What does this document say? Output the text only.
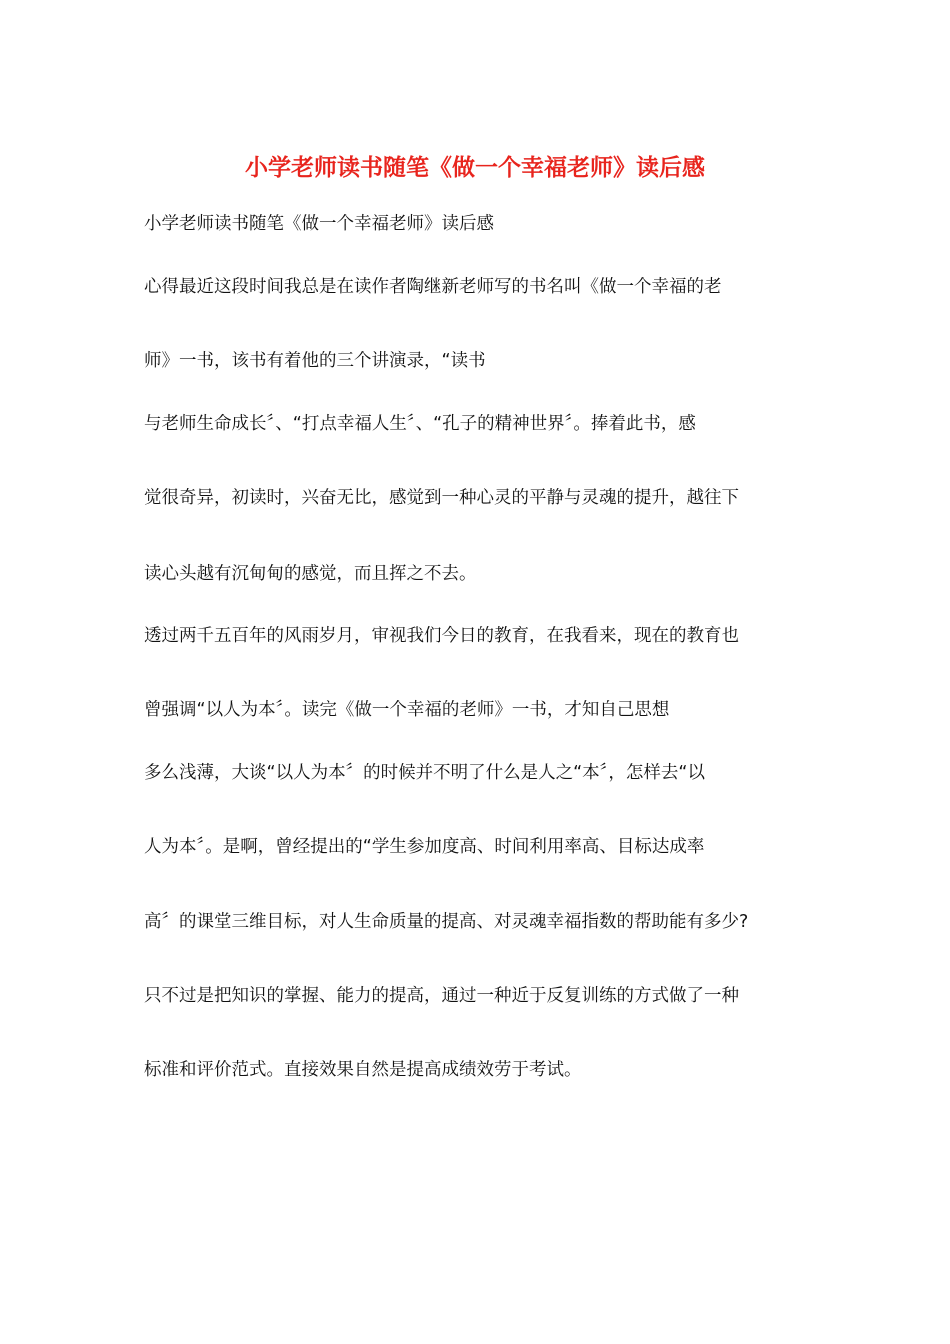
小学老师读书随笔《做一个幸福老师》读后感
小学老师读书随笔《做一个幸福老师》读后感
心得最近这段时间我总是在读作者陶继新老师写的书名叫《做一个幸福的老
师》一书，该书有着他的三个讲演录，“读书
与老师生命成长〞、“打点幸福人生〞、“孔子的精神世界〞。捧着此书，感
觉很奇异，初读时，兴奋无比，感觉到一种心灵的平静与灵魂的提升，越往下
读心头越有沉甸甸的感觉，而且挥之不去。
透过两千五百年的风雨岁月，审视我们今日的教育，在我看来，现在的教育也
曾强调“以人为本〞。读完《做一个幸福的老师》一书，才知自己思想
多么浅薄，大谈“以人为本〞的时候并不明了什么是人之“本〞，怎样去“以
人为本〞。是啊，曾经提出的“学生参加度高、时间利用率高、目标达成率
高〞的课堂三维目标，对人生命质量的提高、对灵魂幸福指数的帮助能有多少?
只不过是把知识的掌握、能力的提高，通过一种近于反复训练的方式做了一种
标准和评价范式。直接效果自然是提高成绩效劳于考试。
